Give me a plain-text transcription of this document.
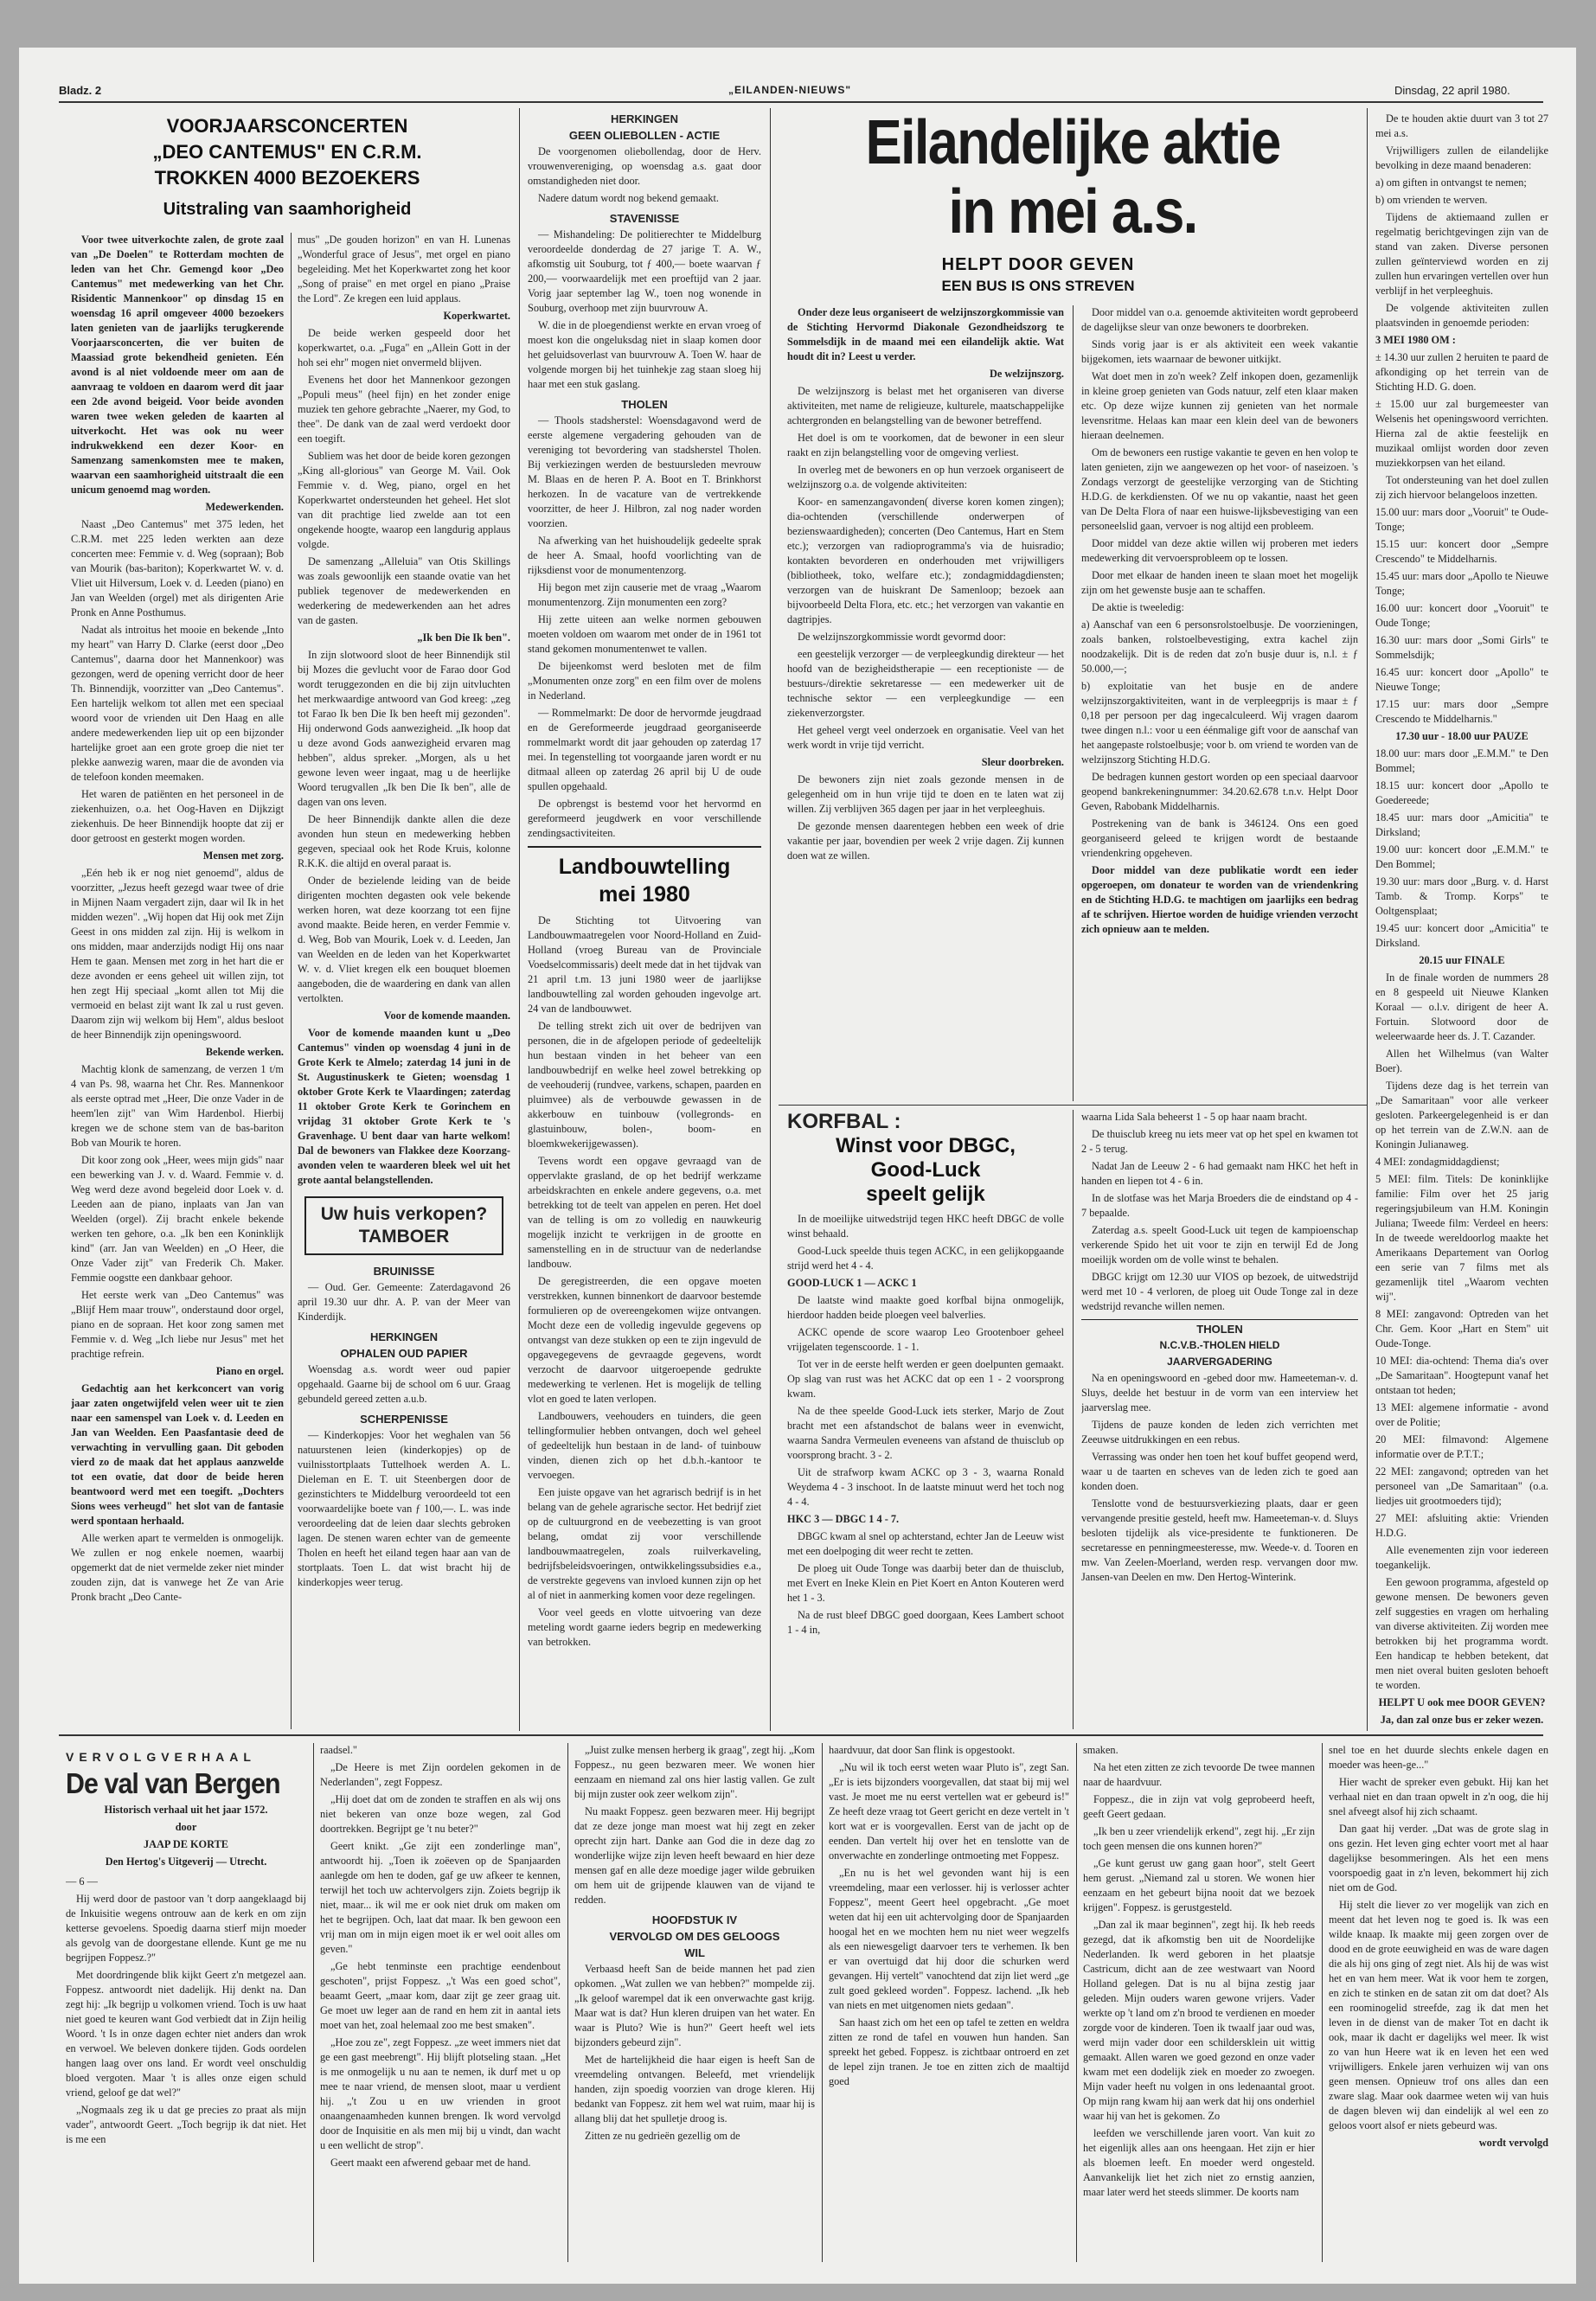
Bladz. 2	„EILANDEN-NIEUWS"	Dinsdag, 22 april 1980.
VOORJAARSCONCERTEN
„DEO CANTEMUS" EN C.R.M.
TROKKEN 4000 BEZOEKERS
Uitstraling van saamhorigheid

Voor twee uitverkochte zalen, de grote zaal van „De Doelen" te Rotterdam mochten de leden van het Chr. Gemengd koor „Deo Cantemus" met medewerking van het Chr. Risidentic Mannenkoor" op dinsdag 15 en woensdag 16 april omgeveer 4000 bezoekers laten genieten van de jaarlijks terugkerende Voorjaarsconcerten, die ver buiten de Maassiad grote bekendheid genieten. Eén avond is al niet voldoende meer om aan de aanvraag te voldoen en daarom werd dit jaar een 2de avond beigeid. Voor beide avonden waren twee weken geleden de kaarten al uitverkocht. Het was ook nu weer indrukwekkend een dezer Koor- en Samenzang samenkomsten mee te maken, waarvan een saamhorigheid uitstraalt die een unicum genoemd mag worden.

Medewerkenden.

Naast „Deo Cantemus" met 375 leden, het C.R.M. met 225 leden werkten aan deze concerten mee: Femmie v. d. Weg (sopraan); Bob van Mourik (bas-bariton); Koperkwartet W. v. d. Vliet uit Hilversum, Loek v. d. Leeden (piano) en Jan van Weelden (orgel) met als dirigenten Arie Pronk en Anne Posthumus.

Nadat als introitus het mooie en bekende „Into my heart" van Harry D. Clarke (eerst door „Deo Cantemus", daarna door het Mannenkoor) was gezongen, werd de opening verricht door de heer Th. Binnendijk, voorzitter van „Deo Cantemus". Een hartelijk welkom tot allen met een speciaal woord voor de vrienden uit Den Haag en alle andere medewerkenden liep uit op een bijzonder hartelijke groet aan een grote groep die niet ter plekke aanwezig waren, maar die de avonden via de telefoon konden meemaken.

Het waren de patiënten en het personeel in de ziekenhuizen, o.a. het Oog-Haven en Dijkzigt ziekenhuis. De heer Binnendijk hoopte dat zij er door getroost en gesterkt mogen worden.

Mensen met zorg.

„Eén heb ik er nog niet genoemd", aldus de voorzitter, „Jezus heeft gezegd waar twee of drie in Mijnen Naam vergadert zijn, daar wil Ik in het midden wezen". „Wij hopen dat Hij ook met Zijn Geest in ons midden zal zijn. Hij is welkom in ons midden, maar anderzijds nodigt Hij ons naar Hem te gaan. Mensen met zorg in het hart die er deze avonden er eens geheel uit willen zijn, tot hen zegt Hij speciaal „komt allen tot Mij die vermoeid en belast zijt want Ik zal u rust geven. Daarom zijn wij welkom bij Hem", aldus besloot de heer Binnendijk zijn openingswoord.

Bekende werken.

Machtig klonk de samenzang, de verzen 1 t/m 4 van Ps. 98, waarna het Chr. Res. Mannenkoor als eerste optrad met „Heer, Die onze Vader in de heem'len zijt" van Wim Hardenbol. Hierbij kregen we de schone stem van de bas-bariton Bob van Mourik te horen.

Dit koor zong ook „Heer, wees mijn gids" naar een bewerking van J. v. d. Waard. Femmie v. d. Weg werd deze avond begeleid door Loek v. d. Leeden aan de piano, inplaats van Jan van Weelden (orgel). Zij bracht enkele bekende werken ten gehore, o.a. „Ik ben een Koninklijk kind" (arr. Jan van Weelden) en „O Heer, die Onze Vader zijt" van Frederik Ch. Maker. Femmie oogstte een dankbaar gehoor.

Het eerste werk van „Deo Cantemus" was „Blijf Hem maar trouw", onderstaund door orgel, piano en de sopraan. Het koor zong samen met Femmie v. d. Weg „Ich liebe nur Jesus" met het prachtige refrein.

Piano en orgel.

Gedachtig aan het kerkconcert van vorig jaar zaten ongetwijfeld velen weer uit te zien naar een samenspel van Loek v. d. Leeden en Jan van Weelden. Een Paasfantasie deed de verwachting in vervulling gaan. Dit geboden vierd zo de maak dat het applaus aanzwelde tot een ovatie, dat door de beide heren beantwoord werd met een toegift. „Dochters Sions wees verheugd" het slot van de fantasie werd spontaan herhaald.

Alle werken apart te vermelden is onmogelijk. We zullen er nog enkele noemen, waarbij opgemerkt dat de niet vermelde zeker niet minder zouden zijn, dat is vanwege het Ze van Arie Pronk bracht „Deo Cante-

mus" „De gouden horizon" en van H. Lunenas „Wonderful grace of Jesus", met orgel en piano begeleiding. Met het Koperkwartet zong het koor „Song of praise" en met orgel en piano „Praise the Lord". Ze kregen een luid applaus.

Koperkwartet.

De beide werken gespeeld door het koperkwartet, o.a. „Fuga" en „Allein Gott in der hoh sei ehr" mogen niet onvermeld blijven.

Evenens het door het Mannenkoor gezongen „Populi meus" (heel fijn) en het zonder enige muziek ten gehore gebrachte „Naerer, my God, to thee". De dank van de zaal werd verdoekt door een toegift.

Subliem was het door de beide koren gezongen „King all-glorious" van George M. Vail. Ook Femmie v. d. Weg, piano, orgel en het Koperkwartet ondersteunden het geheel. Het slot van dit prachtige lied zwelde aan tot een ongekende hoogte, waarop een langdurig applaus volgde.

De samenzang „Alleluia" van Otis Skillings was zoals gewoonlijk een staande ovatie van het publiek tegenover de medewerkenden en wederkering de medewerkenden aan het adres van de gasten.

„Ik ben Die Ik ben".

In zijn slotwoord sloot de heer Binnendijk stil bij Mozes die gevlucht voor de Farao door God wordt teruggezonden en die bij zijn uitvluchten het merkwaardige antwoord van God kreeg: „zeg tot Farao Ik ben Die Ik ben heeft mij gezonden". Hij onderwond Gods aanwezigheid. „Ik hoop dat u deze avond Gods aanwezigheid ervaren mag hebben", aldus spreker. „Morgen, als u het gewone leven weer ingaat, mag u de heerlijke Woord terugvallen „Ik ben Die Ik ben", alle de dagen van ons leven.

De heer Binnendijk dankte allen die deze avonden hun steun en medewerking hebben gegeven, speciaal ook het Rode Kruis, kolonne R.K.K. die altijd en overal paraat is.

Onder de bezielende leiding van de beide dirigenten mochten degasten ook vele bekende werken horen, wat deze koorzang tot een fijne avond maakte. Beide heren, en verder Femmie v. d. Weg, Bob van Mourik, Loek v. d. Leeden, Jan van Weelden en de leden van het Koperkwartet W. v. d. Vliet kregen elk een bouquet bloemen aangeboden, die de waardering en dank van allen vertolkten.

Voor de komende maanden.

Voor de komende maanden kunt u „Deo Cantemus" vinden op woensdag 4 juni in de Grote Kerk te Almelo; zaterdag 14 juni in de St. Augustinuskerk te Gieten; woensdag 1 oktober Grote Kerk te Vlaardingen; zaterdag 11 oktober Grote Kerk te Gorinchem en vrijdag 31 oktober Grote Kerk te 's Gravenhage. U bent daar van harte welkom! Dal de bewoners van Flakkee deze Koorzang-avonden velen te waarderen bleek wel uit het grote aantal belangstellenden.

Uw huis verkopen?
TAMBOER
BRUINISSE

— Oud. Ger. Gemeente: Zaterdagavond 26 april 19.30 uur dhr. A. P. van der Meer van Kinderdijk.

HERKINGEN
OPHALEN OUD PAPIER

Woensdag a.s. wordt weer oud papier opgehaald. Gaarne bij de school om 6 uur. Graag gebundeld gereed zetten a.u.b.

SCHERPENISSE

— Kinderkopjes: Voor het weghalen van 56 natuurstenen leien (kinderkopjes) op de vuilnisstortplaats Tuttelhoek werden A. L. Dieleman en E. T. uit Steenbergen door de gezinstichters te Middelburg veroordeeld tot een voorwaardelijke boete van ƒ 100,—. L. was inde veroordeeling dat de leien daar slechts gebroken lagen. De stenen waren echter van de gemeente Tholen en heeft het eiland tegen haar aan van de stortplaats. Toen L. dat wist bracht hij de kinderkopjes weer terug.

HERKINGEN
GEEN OLIEBOLLEN - ACTIE

De voorgenomen oliebollendag, door de Herv. vrouwenvereniging, op woensdag a.s. gaat door omstandigheden niet door.

Nadere datum wordt nog bekend gemaakt.

STAVENISSE

— Mishandeling: De politierechter te Middelburg veroordeelde donderdag de 27 jarige T. A. W., afkomstig uit Souburg, tot ƒ 400,— boete waarvan ƒ 200,— voorwaardelijk met een proeftijd van 2 jaar. Vorig jaar september lag W., toen nog wonende in Souburg, overhoop met zijn buurvrouw A.

W. die in de ploegendienst werkte en ervan vroeg of moest kon die ongeluksdag niet in slaap komen door het geluidsoverlast van buurvrouw A. Toen W. haar de volgende morgen bij het tuinhekje zag staan sloeg hij haar met een stuk gaslang.

THOLEN

— Thools stadsherstel: Woensdagavond werd de eerste algemene vergadering gehouden van de vereniging tot bevordering van stadsherstel Tholen. Bij verkiezingen werden de bestuursleden mevrouw M. Blaas en de heren P. A. Boot en T. Brinkhorst herkozen. In de vacature van de vertrekkende voorzitter, de heer J. Hilbron, zal nog nader worden voorzien.

Na afwerking van het huishoudelijk gedeelte sprak de heer A. Smaal, hoofd voorlichting van de rijksdienst voor de monumentenzorg.

Hij begon met zijn causerie met de vraag „Waarom monumentenzorg. Zijn monumenten een zorg?

Hij zette uiteen aan welke normen gebouwen moeten voldoen om waarom met onder de in 1961 tot stand gekomen monumentenwet te vallen.

De bijeenkomst werd besloten met de film „Monumenten onze zorg" en een film over de molens in Nederland.

— Rommelmarkt: De door de hervormde jeugdraad en de Gereformeerde jeugdraad georganiseerde rommelmarkt wordt dit jaar gehouden op zaterdag 17 mei. In tegenstelling tot voorgaande jaren wordt er nu ditmaal alleen op zaterdag 26 april bij U de oude spullen opgehaald.

De opbrengst is bestemd voor het hervormd en gereformeerd jeugdwerk en voor verschillende zendingsactiviteiten.

Landbouwtelling
mei 1980

De Stichting tot Uitvoering van Landbouwmaatregelen voor Noord-Holland en Zuid-Holland (vroeg Bureau van de Provinciale Voedselcommissaris) deelt mede dat in het tijdvak van 21 april t.m. 13 juni 1980 weer de jaarlijkse landbouwtelling zal worden gehouden ingevolge art. 24 van de landbouwwet.

De telling strekt zich uit over de bedrijven van personen, die in de afgelopen periode of gedeeltelijk hun bestaan vinden in het beheer van een landbouwbedrijf en welke heel zowel betrekking op de veehouderij (rundvee, varkens, schapen, paarden en pluimvee) als de verbouwde gewassen in de akkerbouw en tuinbouw (vollegronds- en glastuinbouw, bolen-, boom- en bloemkwekerijgewassen).

Tevens wordt een opgave gevraagd van de oppervlakte grasland, de op het bedrijf werkzame arbeidskrachten en enkele andere gegevens, o.a. met betrekking tot de teelt van appelen en peren. Het doel van de telling is om zo volledig en nauwkeurig mogelijk inzicht te verkrijgen in de grootte en samenstelling en in de structuur van de nederlandse landbouw.

De geregistreerden, die een opgave moeten verstrekken, kunnen binnenkort de daarvoor bestemde formulieren op de overeengekomen wijze ontvangen. Mocht deze een de volledig ingevulde gegevens op ontvangst van deze stukken op een te zijn ingevuld de opgavegegevens de gevraagde gegevens, wordt verzocht de daarvoor uitgeroepende gedrukte medewerking te verlenen. Het is mogelijk de telling vlot en goed te laten verlopen.

Landbouwers, veehouders en tuinders, die geen tellingformulier hebben ontvangen, doch wel geheel of gedeeltelijk hun bestaan in de land- of tuinbouw vinden, dienen zich op het d.b.h.-kantoor te vervoegen.

Een juiste opgave van het agrarisch bedrijf is in het belang van de gehele agrarische sector. Het bedrijf ziet op de cultuurgrond en de veebezetting is van groot belang, omdat zij voor verschillende landbouwmaatregelen, zoals ruilverkaveling, bedrijfsbeleidsvoeringen, ontwikkelingssubsidies e.a., de verstrekte gegevens van invloed kunnen zijn op het al of niet in aanmerking komen voor deze regelingen.

Voor veel geeds en vlotte uitvoering van deze meteling wordt gaarne ieders begrip en medewerking van betrokken.

Eilandelijke aktie
in mei a.s.
HELPT DOOR GEVEN
EEN BUS IS ONS STREVEN

Onder deze leus organiseert de welzijnszorgkommissie van de Stichting Hervormd Diakonale Gezondheidszorg te Sommelsdijk in de maand mei een eilandelijk aktie. Wat houdt dit in? Leest u verder.

De welzijnszorg.

De welzijnszorg is belast met het organiseren van diverse aktiviteiten, met name de religieuze, kulturele, maatschappelijke achtergronden en belangstelling van de bewoner betreffend.

Het doel is om te voorkomen, dat de bewoner in een sleur raakt en zijn belangstelling voor de omgeving verliest.

In overleg met de bewoners en op hun verzoek organiseert de welzijnszorg o.a. de volgende aktiviteiten:

Koor- en samenzangavonden( diverse koren komen zingen); dia-ochtenden (verschillende onderwerpen of bezienswaardigheden); concerten (Deo Cantemus, Hart en Stem etc.); verzorgen van radioprogramma's via de huisradio; kontakten bevorderen en onderhouden met vrijwilligers (bibliotheek, toko, welfare etc.); zondagmiddagdiensten; verzorgen van de huiskrant De Samenloop; bezoek aan bijvoorbeeld Delta Flora, etc. etc.; het verzorgen van vakantie en dagtripjes.

De welzijnszorgkommissie wordt gevormd door:

een geestelijk verzorger — de verpleegkundig direkteur — het hoofd van de bezigheidstherapie — een receptioniste — de bestuurs-/direktie sekretaresse — een medewerker uit de technische sektor — een verpleegkundige — een ziekenverzorgster.

Het geheel vergt veel onderzoek en organisatie. Veel van het werk wordt in vrije tijd verricht.

Sleur doorbreken.

De bewoners zijn niet zoals gezonde mensen in de gelegenheid om in hun vrije tijd te doen en te laten wat zij willen. Zij verblijven 365 dagen per jaar in het verpleeghuis.

De gezonde mensen daarentegen hebben een week of drie vakantie per jaar, bovendien per week 2 vrije dagen. Zij kunnen doen wat ze willen.

Door middel van o.a. genoemde aktiviteiten wordt geprobeerd de dagelijkse sleur van onze bewoners te doorbreken.

Sinds vorig jaar is er als aktiviteit een week vakantie bijgekomen, iets waarnaar de bewoner uitkijkt.

Wat doet men in zo'n week? Zelf inkopen doen, gezamenlijk in kleine groep genieten van Gods natuur, zelf eten klaar maken etc. Op deze wijze kunnen zij genieten van het normale levensritme. Helaas kan maar een klein deel van de bewoners hieraan deelnemen.

Om de bewoners een rustige vakantie te geven en hen volop te laten genieten, zijn we aangewezen op het voor- of naseizoen. 's Zondags verzorgt de geestelijke verzorging van de Stichting H.D.G. de kerkdiensten. Of we nu op vakantie, naast het geen van De Delta Flora of naar een huiswe-lijksbevestiging van een personeelslid gaan, vervoer is nog altijd een probleem.

Door middel van deze aktie willen wij proberen met ieders medewerking dit vervoersprobleem op te lossen.

Door met elkaar de handen ineen te slaan moet het mogelijk zijn om het gewenste busje aan te schaffen.

De aktie is tweeledig:

a) Aanschaf van een 6 personsrolstoelbusje. De voorzieningen, zoals banken, rolstoelbevestiging, extra kachel zijn noodzakelijk. Dit is de reden dat zo'n busje duur is, n.l. ± ƒ 50.000,—;

b) exploitatie van het busje en de andere welzijnszorgaktiviteiten, want in de verpleegprijs is maar ± ƒ 0,18 per persoon per dag ingecalculeerd. Wij vragen daarom twee dingen n.l.: voor u een éénmalige gift voor de aanschaf van het aangepaste rolstoelbusje; voor b. om vriend te worden van de welzijnszorg Stichting H.D.G.

De bedragen kunnen gestort worden op een speciaal daarvoor geopend bankrekeningnummer: 34.20.62.678 t.n.v. Helpt Door Geven, Rabobank Middelharnis.

Postrekening van de bank is 346124. Ons een goed georganiseerd geleed te krijgen wordt de bestaande vriendenkring opgeheven.

Door middel van deze publikatie wordt een ieder opgeroepen, om donateur te worden van de vriendenkring en de Stichting H.D.G. te machtigen om jaarlijks een bedrag af te schrijven. Hiertoe worden de huidige vrienden verzocht zich opnieuw aan te melden.

De te houden aktie duurt van 3 tot 27 mei a.s.

Vrijwilligers zullen de eilandelijke bevolking in deze maand benaderen:

a) om giften in ontvangst te nemen;

b) om vrienden te werven.

Tijdens de aktiemaand zullen er regelmatig berichtgevingen zijn van de stand van zaken. Diverse personen zullen geïnterviewd worden en zij zullen hun ervaringen vertellen over hun verblijf in het verpleeghuis.

De volgende aktiviteiten zullen plaatsvinden in genoemde perioden:

3 MEI 1980 OM :

± 14.30 uur zullen 2 heruiten te paard de afkondiging op het terrein van de Stichting H.D. G. doen.

± 15.00 uur zal burgemeester van Welsenis het openingswoord verrichten. Hierna zal de aktie feestelijk en muzikaal omlijst worden door zeven muziekkorpsen van het eiland.

Tot ondersteuning van het doel zullen zij zich hiervoor belangeloos inzetten.

15.00 uur: mars door „Vooruit" te Oude-Tonge;

15.15 uur: koncert door „Sempre Crescendo" te Middelharnis.

15.45 uur: mars door „Apollo te Nieuwe Tonge;

16.00 uur: koncert door „Vooruit" te Oude Tonge;

16.30 uur: mars door „Somi Girls" te Sommelsdijk;

16.45 uur: koncert door „Apollo" te Nieuwe Tonge;

17.15 uur: mars door „Sempre Crescendo te Middelharnis."

17.30 uur - 18.00 uur PAUZE

18.00 uur: mars door „E.M.M." te Den Bommel;

18.15 uur: koncert door „Apollo te Goedereede;

18.45 uur: mars door „Amicitia" te Dirksland;

19.00 uur: koncert door „E.M.M." te Den Bommel;

19.30 uur: mars door „Burg. v. d. Harst Tamb. & Tromp. Korps" te Ooltgensplaat;

19.45 uur: koncert door „Amicitia" te Dirksland.

20.15 uur FINALE

In de finale worden de nummers 28 en 8 gespeeld uit Nieuwe Klanken Koraal — o.l.v. dirigent de heer A. Fortuin. Slotwoord door de weleerwaarde heer ds. J. T. Cazander.

Allen het Wilhelmus (van Walter Boer).

Tijdens deze dag is het terrein van „De Samaritaan" voor alle verkeer gesloten. Parkeergelegenheid is er dan op het terrein van de Z.W.N. aan de Koningin Julianaweg.

4 MEI: zondagmiddagdienst;

5 MEI: film. Titels: De koninklijke familie: Film over het 25 jarig regeringsjubileum van H.M. Koningin Juliana; Tweede film: Verdeel en heers: In de tweede wereldoorlog maakte het Amerikaans Departement van Oorlog een serie van 7 films met als gezamenlijk titel „Waarom vechten wij".

8 MEI: zangavond: Optreden van het Chr. Gem. Koor „Hart en Stem" uit Oude-Tonge.

10 MEI: dia-ochtend: Thema dia's over „De Samaritaan". Hoogtepunt vanaf het ontstaan tot heden;

13 MEI: algemene informatie - avond over de Politie;

20 MEI: filmavond: Algemene informatie over de P.T.T.;

22 MEI: zangavond; optreden van het personeel van „De Samaritaan" (o.a. liedjes uit grootmoeders tijd);

27 MEI: afsluiting aktie: Vrienden H.D.G.

Alle evenementen zijn voor iedereen toegankelijk.

Een gewoon programma, afgesteld op gewone mensen. De bewoners geven zelf suggesties en vragen om herhaling van diverse aktiviteiten. Zij worden mee betrokken bij het programma wordt. Een handicap te hebben betekent, dat men niet overal buiten gesloten behoeft te worden.

HELPT U ook mee DOOR GEVEN?

Ja, dan zal onze bus er zeker wezen.

KORFBAL :
Winst voor DBGC,
Good-Luck
speelt gelijk

In de moeilijke uitwedstrijd tegen HKC heeft DBGC de volle winst behaald.

Good-Luck speelde thuis tegen ACKC, in een gelijkopgaande strijd werd het 4 - 4.

GOOD-LUCK 1 — ACKC 1

De laatste wind maakte goed korfbal bijna onmogelijk, hierdoor hadden beide ploegen veel balverlies.

ACKC opende de score waarop Leo Grootenboer geheel vrijgelaten tegenscoorde. 1 - 1.

Tot ver in de eerste helft werden er geen doelpunten gemaakt. Op slag van rust was het ACKC dat op een 1 - 2 voorsprong kwam.

Na de thee speelde Good-Luck iets sterker, Marjo de Zout bracht met een afstandschot de balans weer in evenwicht, waarna Sandra Vermeulen eveneens van afstand de thuisclub op voorsprong bracht. 3 - 2.

Uit de strafworp kwam ACKC op 3 - 3, waarna Ronald Weydema 4 - 3 inschoot. In de laatste minuut werd het toch nog 4 - 4.

HKC 3 — DBGC 1 4 - 7.

DBGC kwam al snel op achterstand, echter Jan de Leeuw wist met een doelpoging dit weer recht te zetten.

De ploeg uit Oude Tonge was daarbij beter dan de thuisclub, met Evert en Ineke Klein en Piet Koert en Anton Kouteren werd het 1 - 3.

Na de rust bleef DBGC goed doorgaan, Kees Lambert schoot 1 - 4 in,

waarna Lida Sala beheerst 1 - 5 op haar naam bracht.

De thuisclub kreeg nu iets meer vat op het spel en kwamen tot 2 - 5 terug.

Nadat Jan de Leeuw 2 - 6 had gemaakt nam HKC het heft in handen en liepen tot 4 - 6 in.

In de slotfase was het Marja Broeders die de eindstand op 4 - 7 bepaalde.

Zaterdag a.s. speelt Good-Luck uit tegen de kampioenschap verkerende Spido het uit voor te zijn en terwijl Ed de Jong moeilijk worden om de volle winst te behalen.

DBGC krijgt om 12.30 uur VIOS op bezoek, de uitwedstrijd werd met 10 - 4 verloren, de ploeg uit Oude Tonge zal in deze wedstrijd revanche willen nemen.

THOLEN
N.C.V.B.-THOLEN HIELD
JAARVERGADERING

Na en openingswoord en -gebed door mw. Hameeteman-v. d. Sluys, deelde het bestuur in de vorm van een interview het jaarverslag mee.

Tijdens de pauze konden de leden zich verrichten met Zeeuwse uitdrukkingen en een rebus.

Verrassing was onder hen toen het kouf buffet geopend werd, waar u de taarten en scheves van de leden zich te goed aan konden doen.

Tenslotte vond de bestuursverkiezing plaats, daar er geen vervangende presitie gesteld, heeft mw. Hameeteman-v. d. Sluys besloten tijdelijk als vice-presidente te funktioneren. De secretaresse en penningmeesteresse, mw. Weede-v. d. Tooren en mw. Van Zeelen-Moerland, werden resp. vervangen door mw. Jansen-van Deelen en mw. Den Hertog-Winterink.

VERVOLGVERHAAL
De val van Bergen

Historisch verhaal uit het jaar 1572.

door

JAAP DE KORTE

Den Hertog's Uitgeverij — Utrecht.

— 6 —

Hij werd door de pastoor van 't dorp aangeklaagd bij de Inkuisitie wegens ontrouw aan de kerk en om zijn ketterse gevoelens. Spoedig daarna stierf mijn moeder als gevolg van de doorgestane ellende. Kunt ge me nu begrijpen Foppesz.?"

Met doordringende blik kijkt Geert z'n metgezel aan. Foppesz. antwoordt niet dadelijk. Hij denkt na. Dan zegt hij: „Ik begrijp u volkomen vriend. Toch is uw haat niet goed te keuren want God verbiedt dat in Zijn heilig Woord. 't Is in onze dagen echter niet anders dan wrok en verwoel. We beleven donkere tijden. Gods oordelen hangen laag over ons land. Er wordt veel onschuldig bloed vergoten. Maar 't is alles onze eigen schuld vriend, geloof ge dat wel?"

„Nogmaals zeg ik u dat ge precies zo praat als mijn vader", antwoordt Geert. „Toch begrijp ik dat niet. Het is me een

raadsel."

„De Heere is met Zijn oordelen gekomen in de Nederlanden", zegt Foppesz.

„Hij doet dat om de zonden te straffen en als wij ons niet bekeren van onze boze wegen, zal God doortrekken. Begrijpt ge 't nu beter?"

Geert knikt. „Ge zijt een zonderlinge man", antwoordt hij. „Toen ik zoëeven op de Spanjaarden aanlegde om hen te doden, gaf ge uw afkeer te kennen, terwijl het toch uw achtervolgers zijn. Zoiets begrijp ik niet, maar... ik wil me er ook niet druk om maken om het te begrijpen. Och, laat dat maar. Ik ben gewoon een vrij man om in mijn eigen moet ik er wel ooit alles om geven."

„Ge hebt tenminste een prachtige eendenbout geschoten", prijst Foppesz. „'t Was een goed schot", beaamt Geert, „maar kom, daar zijt ge zeer graag uit. Ge moet uw leger aan de rand en hem zit in aantal iets moet van het, zoal helemaal zoo me best smaken".

„Hoe zou ze", zegt Foppesz. „ze weet immers niet dat ge een gast meebrengt". Hij blijft plotseling staan. „Het is me onmogelijk u nu aan te nemen, ik durf met u op mee te naar vriend, de mensen sloot, maar u verdient hij. „'t Zou u en uw vrienden in groot onaangenaamheden kunnen brengen. Ik word vervolgd door de Inquisitie en als men mij bij u vindt, dan wacht u een wellicht de strop".

Geert maakt een afwerend gebaar met de hand.

„Juist zulke mensen herberg ik graag", zegt hij. „Kom Foppesz., nu geen bezwaren meer. We wonen hier eenzaam en niemand zal ons hier lastig vallen. Ge zult bij mijn zuster ook zeer welkom zijn".

Nu maakt Foppesz. geen bezwaren meer. Hij begrijpt dat ze deze jonge man moest wat hij zegt en zeker oprecht zijn hart. Danke aan God die in deze dag zo wonderlijke wijze zijn leven heeft bewaard en hier deze mensen gaf en alle deze moedige jager wilde gebruiken om hem uit de grijpende klauwen van de vijand te redden.

HOOFDSTUK IV
VERVOLGD OM DES GELOOGS
WIL

Verbaasd heeft San de beide mannen het pad zien opkomen. „Wat zullen we van hebben?" mompelde zij. „Ik geloof warempel dat ik een onverwachte gast krijg. Maar wat is dat? Hun kleren druipen van het water. En waar is Pluto? Wie is hun?" Geert heeft wel iets bijzonders gebeurd zijn".

Met de hartelijkheid die haar eigen is heeft San de vreemdeling ontvangen. Beleefd, met vriendelijk handen, zijn spoedig voorzien van droge kleren. Hij bedankt van Foppesz. zit hem wel wat ruim, maar hij is allang blij dat het spulletje droog is.

Zitten ze nu gedrieën gezellig om de

haardvuur, dat door San flink is opgestookt.

„Nu wil ik toch eerst weten waar Pluto is", zegt San. „Er is iets bijzonders voorgevallen, dat staat bij mij wel vast. Je moet me nu eerst vertellen wat er gebeurd is!" Ze heeft deze vraag tot Geert gericht en deze vertelt in 't kort wat er is voorgevallen. Eerst van de jacht op de eenden. Dan vertelt hij over het en tenslotte van de onverwachte en zonderlinge ontmoeting met Foppesz.

„En nu is het wel gevonden want hij is een vreemdeling, maar een verlosser. hij is verlosser achter Foppesz", meent Geert heel opgebracht. „Ge moet weten dat hij een uit achtervolging door de Spanjaarden hoogal het en we mochten hem nu niet weer wegzelfs als een niewesgeligt daarvoer ters te verhemen. Ik ben er van overtuigd dat hij door die schurken werd gevangen. Hij vertelt" vanochtend dat zijn liet werd „ge zult goed gekleed worden". Foppesz. lachend. „Ik heb van niets en met uitgenomen niets gedaan".

San haast zich om het een op tafel te zetten en weldra zitten ze rond de tafel en vouwen hun handen. San spreekt het gebed. Foppesz. is zichtbaar ontroerd en zet de lepel zijn tranen. Je toe en zitten zich de maaltijd goed

smaken.

Na het eten zitten ze zich tevoorde De twee mannen naar de haardvuur.

Foppesz., die in zijn vat volg geprobeerd heeft, geeft Geert gedaan.

„Ik ben u zeer vriendelijk erkend", zegt hij. „Er zijn toch geen mensen die ons kunnen horen?"

„Ge kunt gerust uw gang gaan hoor", stelt Geert hem gerust. „Niemand zal u storen. We wonen hier eenzaam en het gebeurt bijna nooit dat we bezoek krijgen". Foppesz. is gerustgesteld.

„Dan zal ik maar beginnen", zegt hij. Ik heb reeds gezegd, dat ik afkomstig ben uit de Noordelijke Nederlanden. Ik werd geboren in het plaatsje Castricum, dicht aan de zee westwaart van Noord Holland gelegen. Dat is nu al bijna zestig jaar geleden. Mijn ouders waren gewone vrijers. Vader werkte op 't land om z'n brood te verdienen en moeder zorgde voor de kinderen. Toen ik twaalf jaar oud was, werd mijn vader door een schildersklein uit wittig gemaakt. Allen waren we goed gezond en onze vader kwam met een dodelijk ziek en moeder zo zwoegen. Mijn vader heeft nu volgen in ons ledenaantal groot. Op mijn rang kwam hij aan werk dat hij ons onderhiel waar hij van het is gekomen. Zo

leefden we verschillende jaren voort. Van kuit zo het eigenlijk alles aan ons heengaan. Het zijn er hier als bloemen leeft. En moeder werd ongesteld. Aanvankelijk liet het zich niet zo ernstig aanzien, maar later werd het steeds slimmer. De koorts nam

snel toe en het duurde slechts enkele dagen en moeder was heen-ge..."

Hier wacht de spreker even gebukt. Hij kan het verhaal niet en dan traan opwelt in z'n oog, die hij snel afveegt alsof hij zich schaamt.

Dan gaat hij verder. „Dat was de grote slag in ons gezin. Het leven ging echter voort met al haar dagelijkse besommeringen. Als het een mens voorspoedig gaat in z'n leven, bekommert hij zich niet om de God.

Hij stelt die liever zo ver mogelijk van zich en meent dat het leven nog te goed is. Ik was een wilde knaap. Ik maakte mij geen zorgen over de dood en de grote eeuwigheid en was de ware dagen die als hij ons ging of zegt niet. Als hij de was wist het en van hem meer. Wat ik voor hem te zorgen, en zich te stinken en de satan zit om dat doet? Als een roominogelid streefde, zag ik dat men het leven in de dienst van de maker Tot en dacht ik ook, maar ik dacht er dagelijks wel meer. Ik wist zo van hun Heere wat ik en leven het een wed vrijwilligers. Enkele jaren verhuizen wij van ons geen mensen. Opnieuw trof ons alles dan een zware slag. Maar ook daarmee weten wij van huis de dagen bleven wij dan eindelijk al wel een zo geloos voort alsof er niets gebeurd was.

wordt vervolgd
